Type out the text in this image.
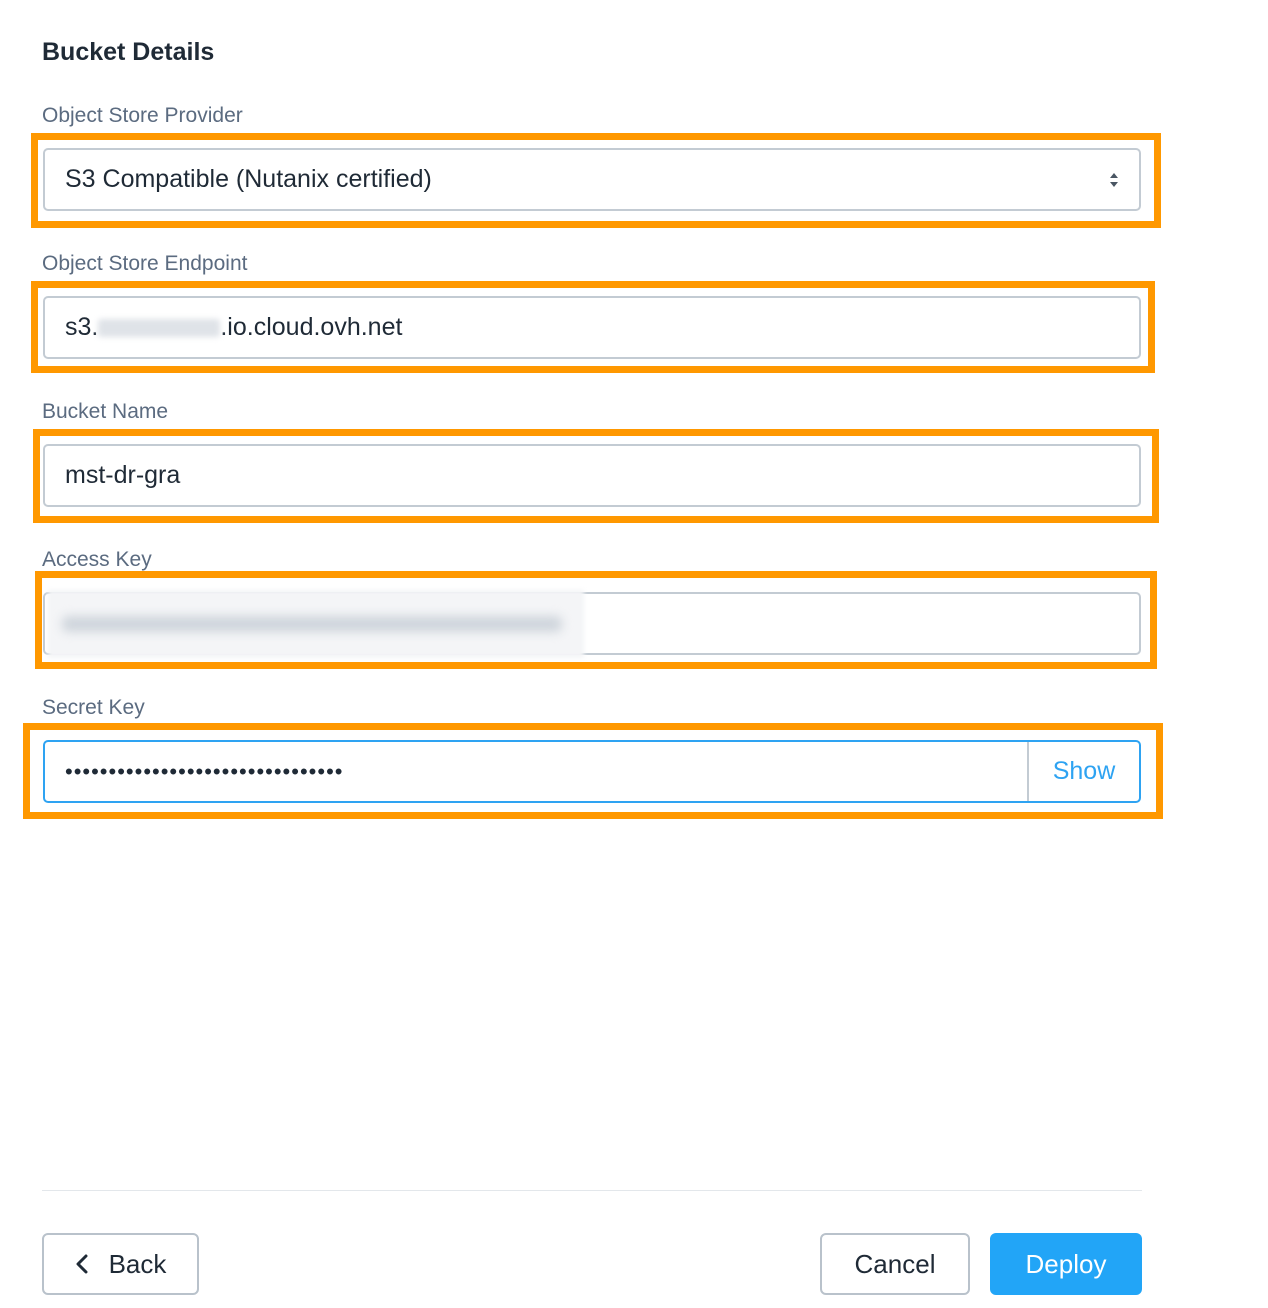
Bucket Details
Object Store Provider
S3 Compatible (Nutanix certified)
Object Store Endpoint
s3.	.io.cloud.ovh.net
Bucket Name
mst-dr-gra
Access Key
Secret Key
••••••••••••••••••••••••••••••••	Show
Back	Cancel	Deploy
